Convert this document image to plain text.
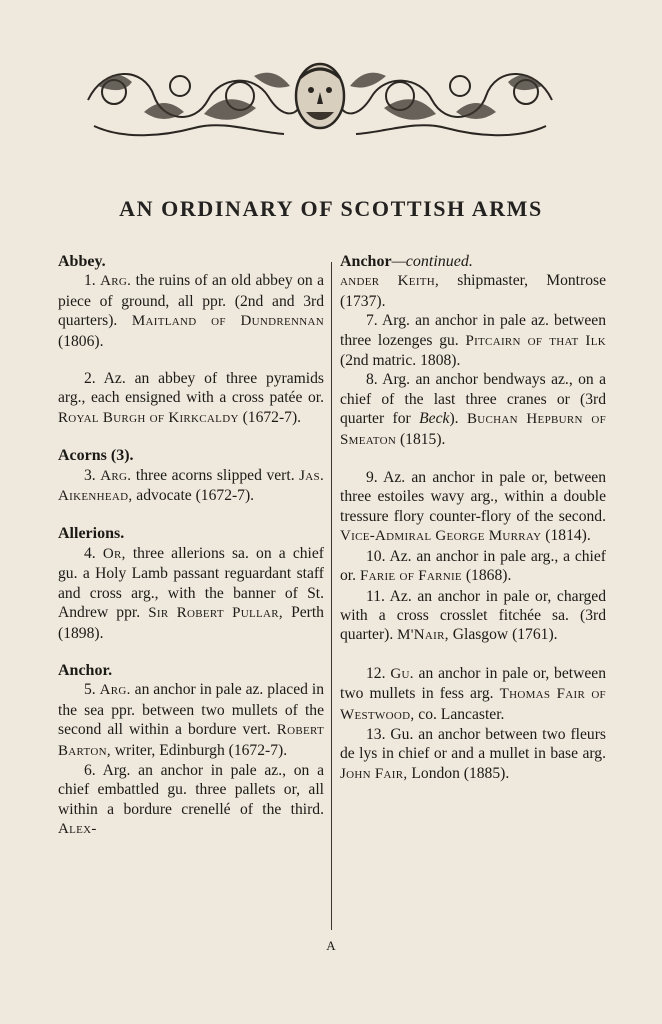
AN ORDINARY OF SCOTTISH ARMS
Abbey.
1. Arg. the ruins of an old abbey on a piece of ground, all ppr. (2nd and 3rd quarters). Maitland of Dundrennan (1806).
2. Az. an abbey of three pyramids arg., each ensigned with a cross patée or. Royal Burgh of Kirkcaldy (1672-7).
Acorns (3).
3. Arg. three acorns slipped vert. Jas. Aikenhead, advocate (1672-7).
Allerions.
4. Or, three allerions sa. on a chief gu. a Holy Lamb passant reguardant staff and cross arg., with the banner of St. Andrew ppr. Sir Robert Pullar, Perth (1898).
Anchor.
5. Arg. an anchor in pale az. placed in the sea ppr. between two mullets of the second all within a bordure vert. Robert Barton, writer, Edinburgh (1672-7).
6. Arg. an anchor in pale az., on a chief embattled gu. three pallets or, all within a bordure crenellé of the third. Alex-
Anchor—continued.
ander Keith, shipmaster, Montrose (1737).
7. Arg. an anchor in pale az. between three lozenges gu. Pitcairn of that Ilk (2nd matric. 1808).
8. Arg. an anchor bendways az., on a chief of the last three cranes or (3rd quarter for Beck). Buchan Hepburn of Smeaton (1815).
9. Az. an anchor in pale or, between three estoiles wavy arg., within a double tressure flory counter-flory of the second. Vice-Admiral George Murray (1814).
10. Az. an anchor in pale arg., a chief or. Farie of Farnie (1868).
11. Az. an anchor in pale or, charged with a cross crosslet fitchée sa. (3rd quarter). M'Nair, Glasgow (1761).
12. Gu. an anchor in pale or, between two mullets in fess arg. Thomas Fair of Westwood, co. Lancaster.
13. Gu. an anchor between two fleurs de lys in chief or and a mullet in base arg. John Fair, London (1885).
A
